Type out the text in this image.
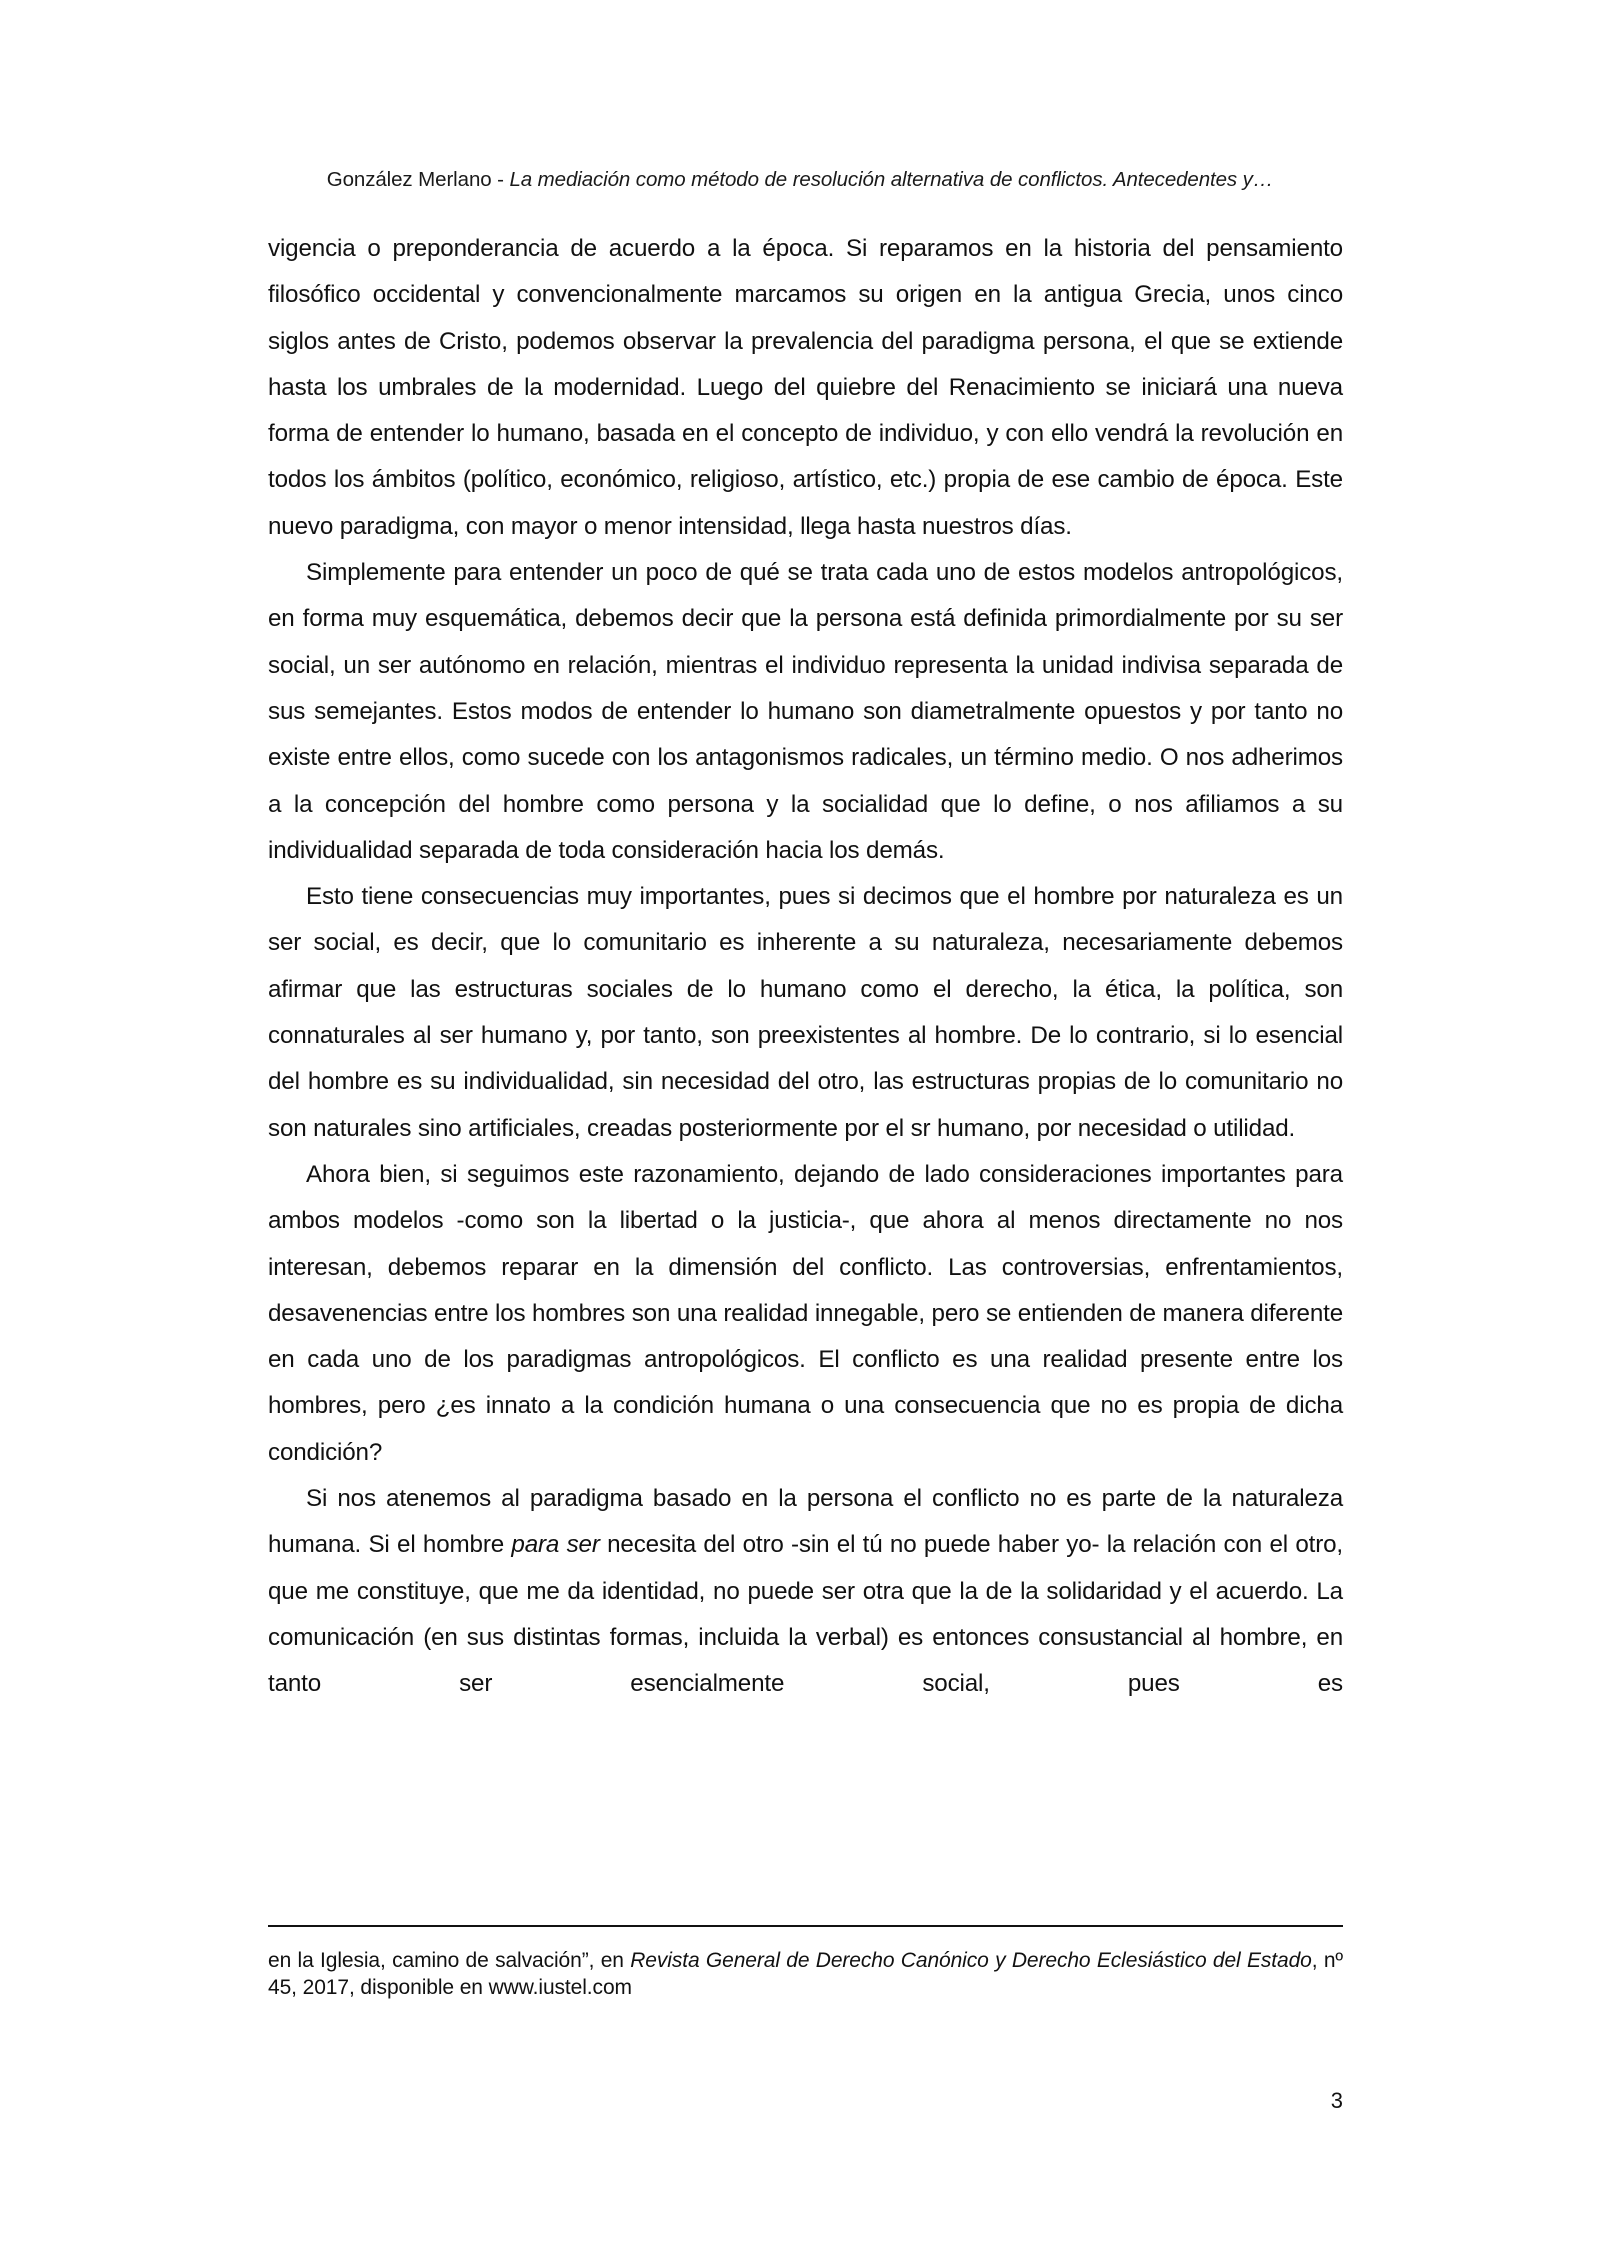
González Merlano - La mediación como método de resolución alternativa de conflictos. Antecedentes y…

vigencia o preponderancia de acuerdo a la época. Si reparamos en la historia del pensamiento filosófico occidental y convencionalmente marcamos su origen en la antigua Grecia, unos cinco siglos antes de Cristo, podemos observar la prevalencia del paradigma persona, el que se extiende hasta los umbrales de la modernidad. Luego del quiebre del Renacimiento se iniciará una nueva forma de entender lo humano, basada en el concepto de individuo, y con ello vendrá la revolución en todos los ámbitos (político, económico, religioso, artístico, etc.) propia de ese cambio de época. Este nuevo paradigma, con mayor o menor intensidad, llega hasta nuestros días.

Simplemente para entender un poco de qué se trata cada uno de estos modelos antropológicos, en forma muy esquemática, debemos decir que la persona está definida primordialmente por su ser social, un ser autónomo en relación, mientras el individuo representa la unidad indivisa separada de sus semejantes. Estos modos de entender lo humano son diametralmente opuestos y por tanto no existe entre ellos, como sucede con los antagonismos radicales, un término medio. O nos adherimos a la concepción del hombre como persona y la socialidad que lo define, o nos afiliamos a su individualidad separada de toda consideración hacia los demás.

Esto tiene consecuencias muy importantes, pues si decimos que el hombre por naturaleza es un ser social, es decir, que lo comunitario es inherente a su naturaleza, necesariamente debemos afirmar que las estructuras sociales de lo humano como el derecho, la ética, la política, son connaturales al ser humano y, por tanto, son preexistentes al hombre. De lo contrario, si lo esencial del hombre es su individualidad, sin necesidad del otro, las estructuras propias de lo comunitario no son naturales sino artificiales, creadas posteriormente por el sr humano, por necesidad o utilidad.

Ahora bien, si seguimos este razonamiento, dejando de lado consideraciones importantes para ambos modelos -como son la libertad o la justicia-, que ahora al menos directamente no nos interesan, debemos reparar en la dimensión del conflicto. Las controversias, enfrentamientos, desavenencias entre los hombres son una realidad innegable, pero se entienden de manera diferente en cada uno de los paradigmas antropológicos. El conflicto es una realidad presente entre los hombres, pero ¿es innato a la condición humana o una consecuencia que no es propia de dicha condición?

Si nos atenemos al paradigma basado en la persona el conflicto no es parte de la naturaleza humana. Si el hombre para ser necesita del otro -sin el tú no puede haber yo- la relación con el otro, que me constituye, que me da identidad, no puede ser otra que la de la solidaridad y el acuerdo. La comunicación (en sus distintas formas, incluida la verbal) es entonces consustancial al hombre, en tanto ser esencialmente social, pues es

en la Iglesia, camino de salvación”, en Revista General de Derecho Canónico y Derecho Eclesiástico del Estado, nº 45, 2017, disponible en www.iustel.com
3
